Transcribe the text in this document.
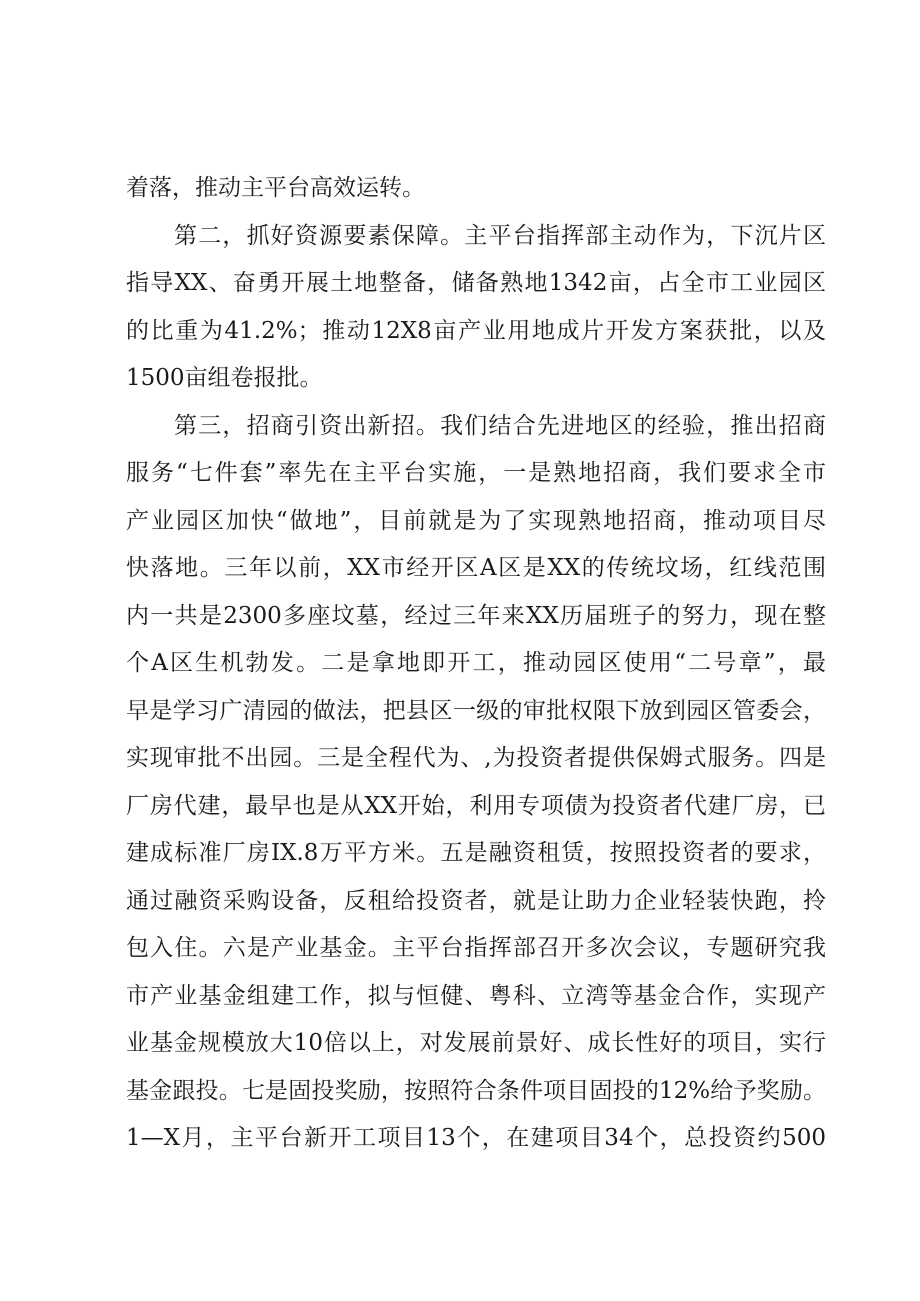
着落，推动主平台高效运转。

第二，抓好资源要素保障。主平台指挥部主动作为，下沉片区

指导XX、奋勇开展土地整备，储备熟地1342亩，占全市工业园区

的比重为41.2%；推动12X8亩产业用地成片开发方案获批，以及

1500亩组卷报批。

第三，招商引资出新招。我们结合先进地区的经验，推出招商

服务“七件套”率先在主平台实施，一是熟地招商，我们要求全市

产业园区加快“做地”，目前就是为了实现熟地招商，推动项目尽

快落地。三年以前，XX市经开区A区是XX的传统坟场，红线范围

内一共是2300多座坟墓，经过三年来XX历届班子的努力，现在整

个A区生机勃发。二是拿地即开工，推动园区使用“二号章”，最

早是学习广清园的做法，把县区一级的审批权限下放到园区管委会，

实现审批不出园。三是全程代为、,为投资者提供保姆式服务。四是

厂房代建，最早也是从XX开始，利用专项债为投资者代建厂房，已

建成标准厂房IX.8万平方米。五是融资租赁，按照投资者的要求，

通过融资采购设备，反租给投资者，就是让助力企业轻装快跑，拎

包入住。六是产业基金。主平台指挥部召开多次会议，专题研究我

市产业基金组建工作，拟与恒健、粤科、立湾等基金合作，实现产

业基金规模放大10倍以上，对发展前景好、成长性好的项目，实行

基金跟投。七是固投奖励，按照符合条件项目固投的12%给予奖励。

1—X月，主平台新开工项目13个，在建项目34个，总投资约500
